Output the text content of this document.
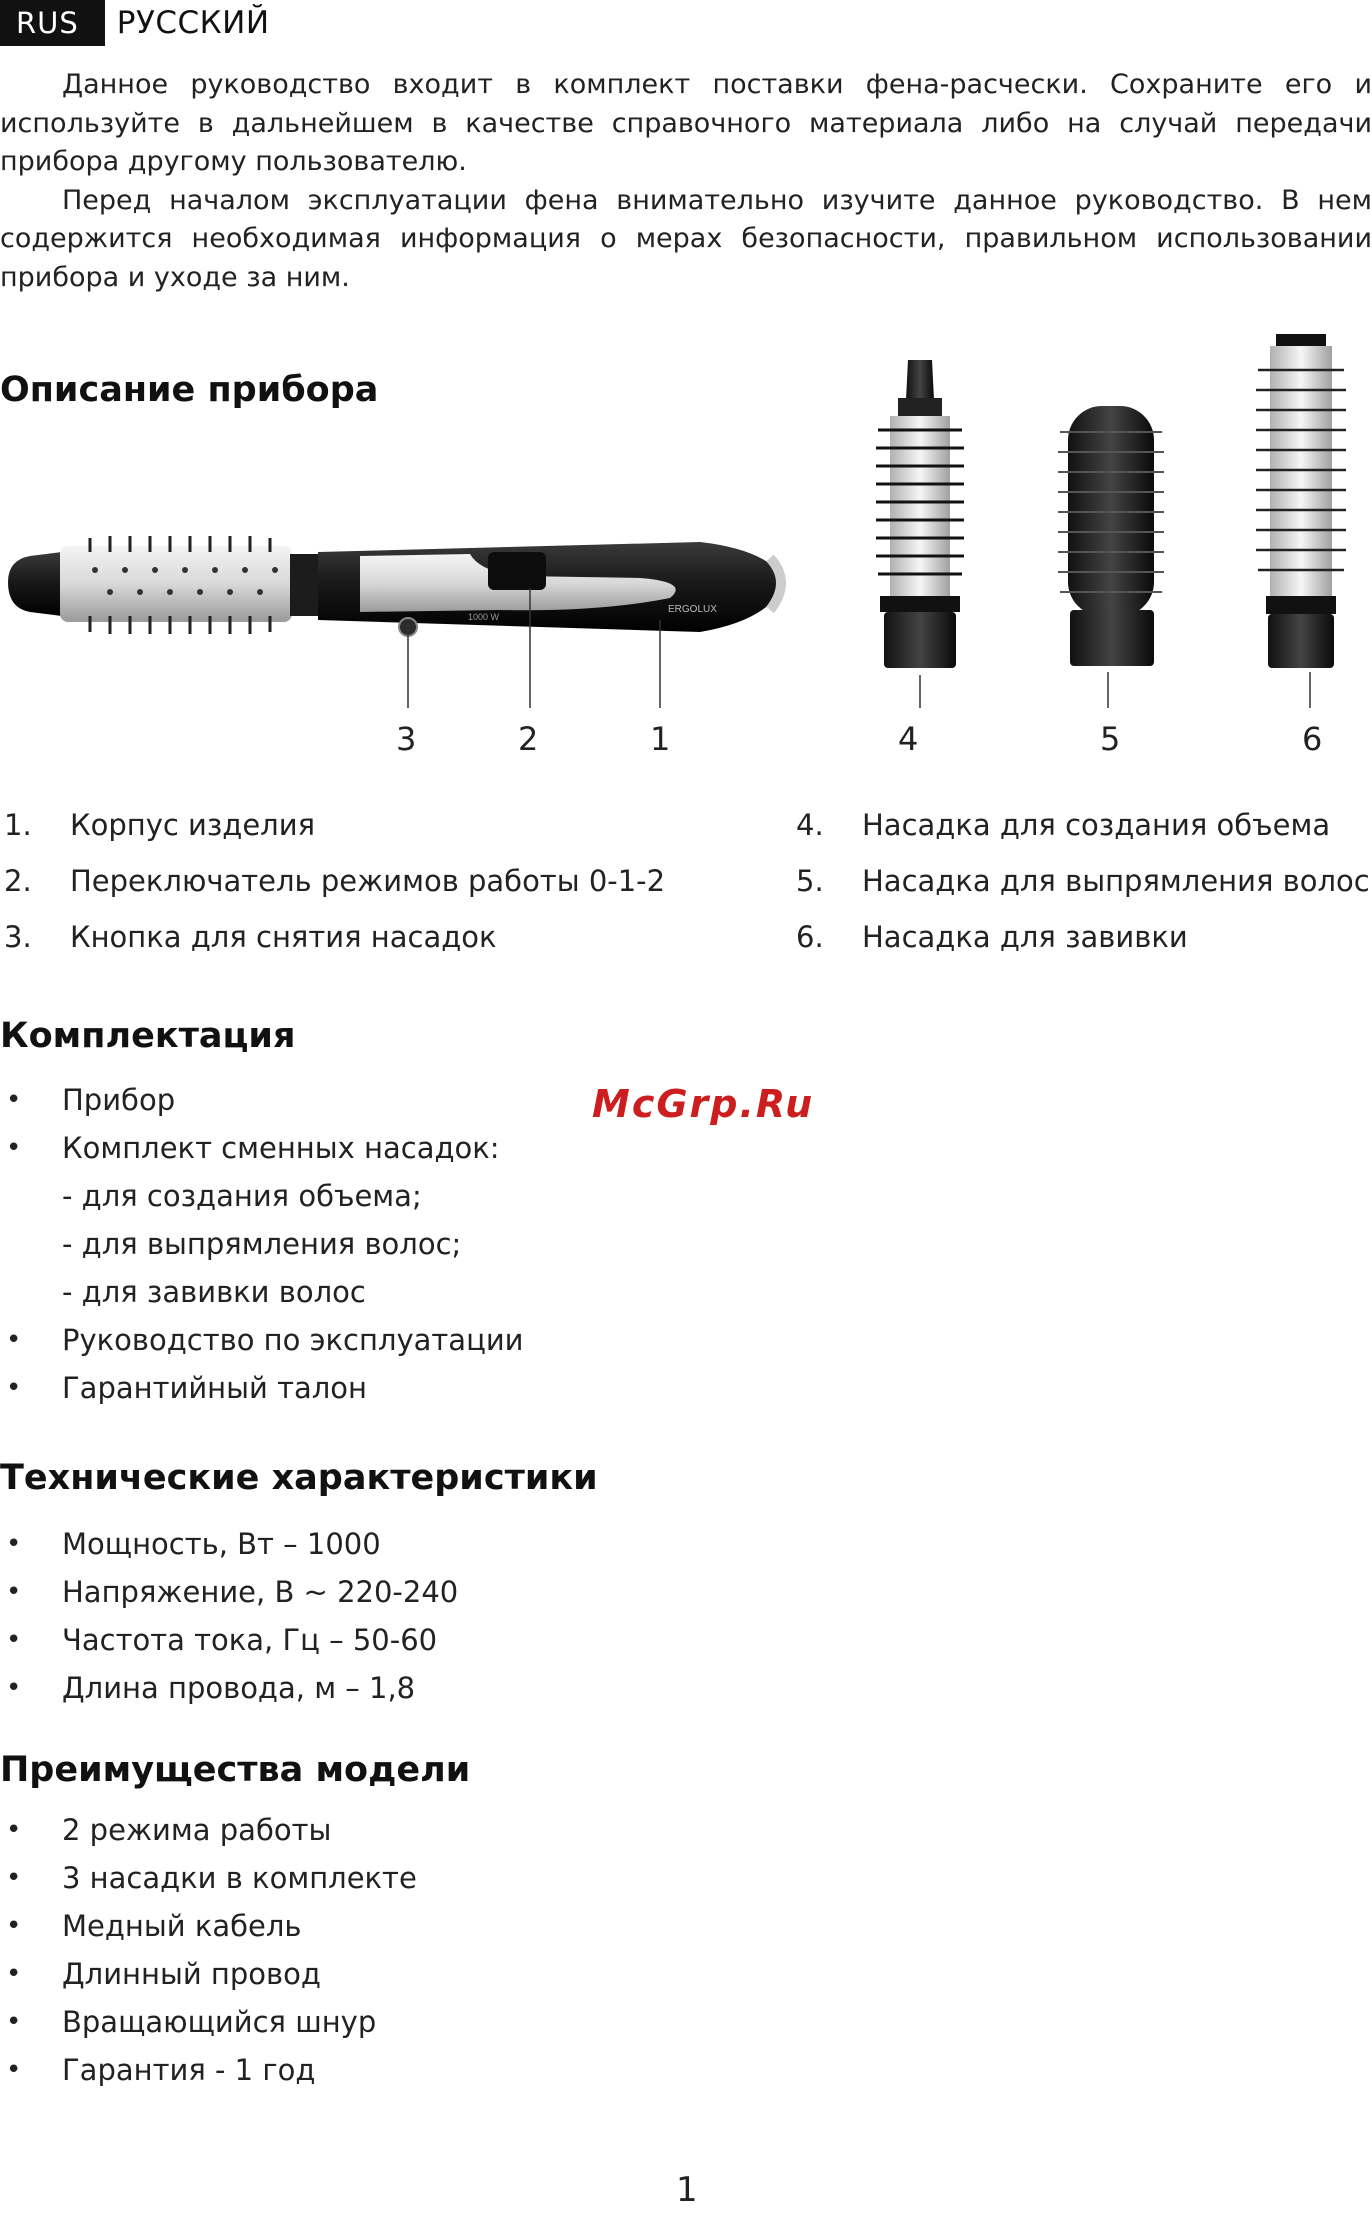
RUS	РУССКИЙ

Данное руководство входит в комплект поставки фена-расчески. Сохраните его и используйте в дальнейшем в качестве справочного материала либо на случай передачи прибора другому пользователю.

Перед началом эксплуатации фена внимательно изучите данное руководство. В нем содержится необходимая информация о мерах безопасности, правильном использовании прибора и уходе за ним.

Описание прибора
ERGOLUX
1000 W
3	2	1	4	5	6
1. Корпус изделия
2. Переключатель режимов работы 0-1-2
3. Кнопка для снятия насадок
4. Насадка для создания объема
5. Насадка для выпрямления волос
6. Насадка для завивки
Комплектация
• Прибор
• Комплект сменных насадок:
- для создания объема;
- для выпрямления волос;
- для завивки волос
• Руководство по эксплуатации
• Гарантийный талон
McGrp.Ru
Технические характеристики
• Мощность, Вт – 1000
• Напряжение, В ~ 220-240
• Частота тока, Гц – 50-60
• Длина провода, м – 1,8
Преимущества модели
• 2 режима работы
• 3 насадки в комплекте
• Медный кабель
• Длинный провод
• Вращающийся шнур
• Гарантия - 1 год
1
